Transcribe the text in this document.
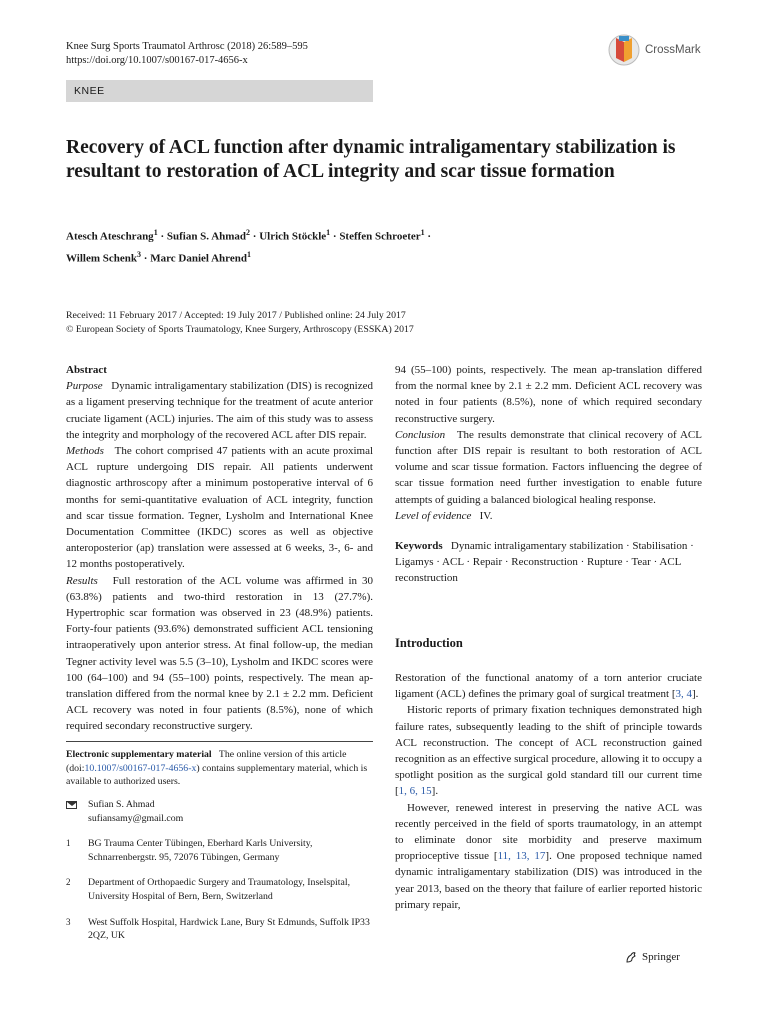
Knee Surg Sports Traumatol Arthrosc (2018) 26:589–595
https://doi.org/10.1007/s00167-017-4656-x
CrossMark
KNEE
Recovery of ACL function after dynamic intraligamentary stabilization is resultant to restoration of ACL integrity and scar tissue formation
Atesch Ateschrang$^1$ · Sufian S. Ahmad$^2$ · Ulrich Stöckle$^1$ · Steffen Schroeter$^1$ ·
Willem Schenk$^3$ · Marc Daniel Ahrend$^1$
Received: 11 February 2017 / Accepted: 19 July 2017 / Published online: 24 July 2017
© European Society of Sports Traumatology, Knee Surgery, Arthroscopy (ESSKA) 2017

Abstract

Purpose Dynamic intraligamentary stabilization (DIS) is recognized as a ligament preserving technique for the treatment of acute anterior cruciate ligament (ACL) injuries. The aim of this study was to assess the integrity and morphology of the recovered ACL after DIS repair.

Methods The cohort comprised 47 patients with an acute proximal ACL rupture undergoing DIS repair. All patients underwent diagnostic arthroscopy after a minimum postoperative interval of 6 months for semi-quantitative evaluation of ACL integrity, function and scar tissue formation. Tegner, Lysholm and International Knee Documentation Committee (IKDC) scores as well as objective anteroposterior (ap) translation were assessed at 6 weeks, 3-, 6- and 12 months postoperatively.

Results Full restoration of the ACL volume was affirmed in 30 (63.8%) patients and two-third restoration in 13 (27.7%). Hypertrophic scar formation was observed in 23 (48.9%) patients. Forty-four patients (93.6%) demonstrated sufficient ACL tensioning intraoperatively upon anterior stress. At final follow-up, the median Tegner activity level was 5.5 (3–10), Lysholm and IKDC scores were 100 (64–100) and 94 (55–100) points, respectively. The mean ap-translation differed from the normal knee by 2.1 ± 2.2 mm. Deficient ACL recovery was noted in four patients (8.5%), none of which required secondary reconstructive surgery.

94 (55–100) points, respectively. The mean ap-translation differed from the normal knee by 2.1 ± 2.2 mm. Deficient ACL recovery was noted in four patients (8.5%), none of which required secondary reconstructive surgery.

Conclusion The results demonstrate that clinical recovery of ACL function after DIS repair is resultant to both restoration of ACL volume and scar tissue formation. Factors influencing the degree of scar tissue formation need further investigation to enable future attempts of guiding a balanced biological healing response.

Level of evidence IV.

Keywords Dynamic intraligamentary stabilization · Stabilisation · Ligamys · ACL · Repair · Reconstruction · Rupture · Tear · ACL reconstruction

Electronic supplementary material The online version of this article (doi:10.1007/s00167-017-4656-x) contains supplementary material, which is available to authorized users.
Sufian S. Ahmad
sufiansamy@gmail.com
1	BG Trauma Center Tübingen, Eberhard Karls University, Schnarrenbergstr. 95, 72076 Tübingen, Germany
2	Department of Orthopaedic Surgery and Traumatology, Inselspital, University Hospital of Bern, Bern, Switzerland
3	West Suffolk Hospital, Hardwick Lane, Bury St Edmunds, Suffolk IP33 2QZ, UK
Introduction

Restoration of the functional anatomy of a torn anterior cruciate ligament (ACL) defines the primary goal of surgical treatment [3, 4].

Historic reports of primary fixation techniques demonstrated high failure rates, subsequently leading to the shift of principle towards ACL reconstruction. The concept of ACL reconstruction gained recognition as an effective surgical procedure, allowing it to occupy a spotlight position as the surgical gold standard till our current time [1, 6, 15].

However, renewed interest in preserving the native ACL was recently perceived in the field of sports traumatology, in an attempt to eliminate donor site morbidity and preserve maximum proprioceptive tissue [11, 13, 17]. One proposed technique named dynamic intraligamentary stabilization (DIS) was introduced in the year 2013, based on the theory that failure of earlier reported historic primary repair,

Springer
